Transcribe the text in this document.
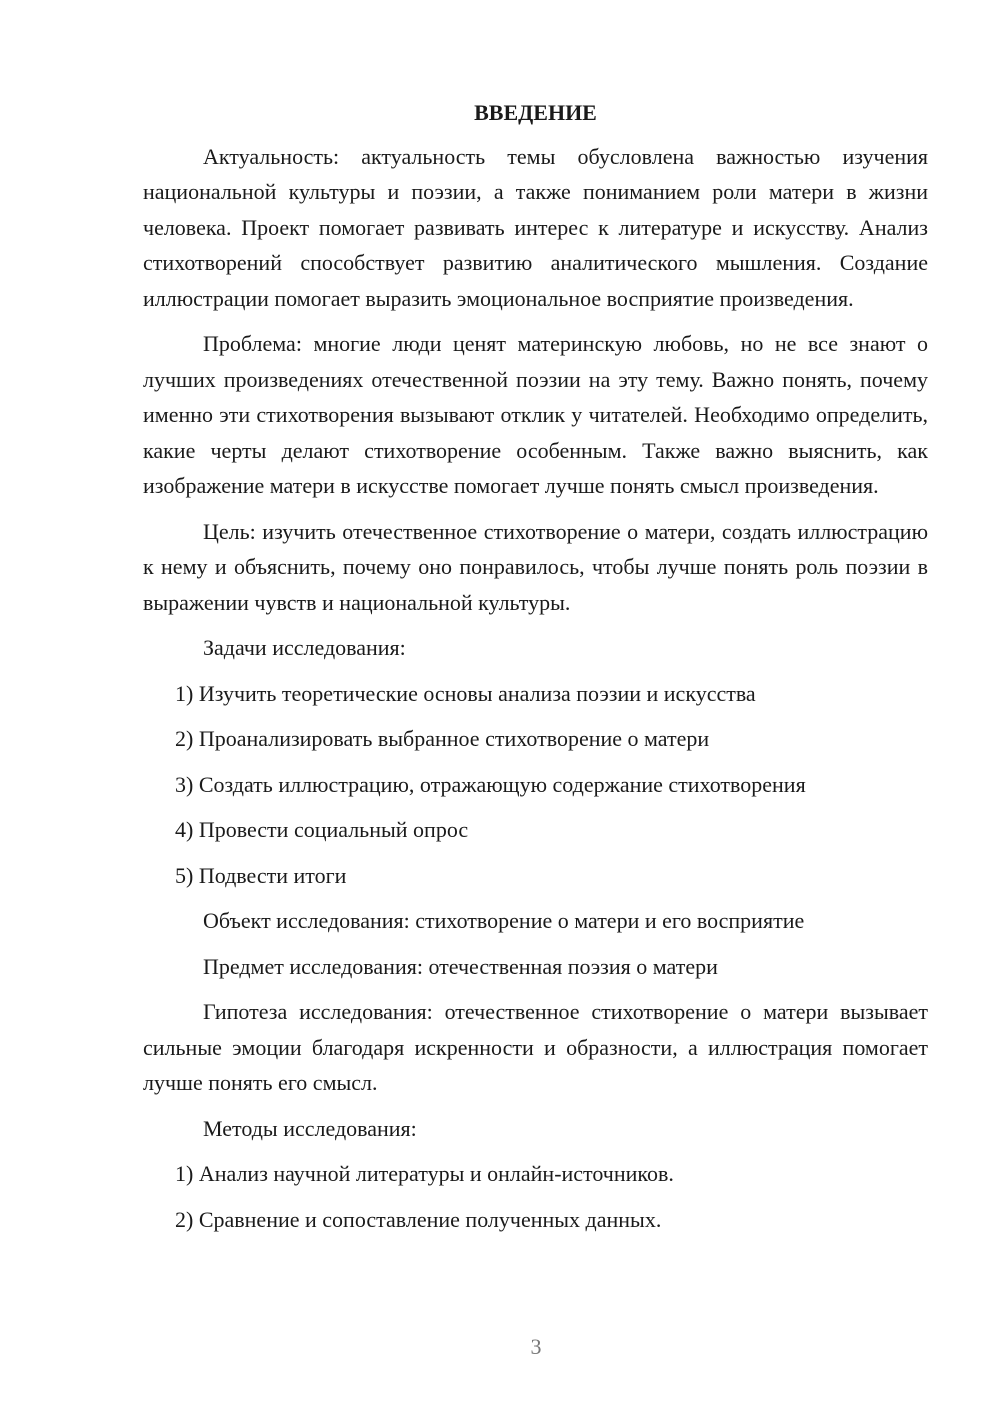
ВВЕДЕНИЕ

Актуальность: актуальность темы обусловлена важностью изучения национальной культуры и поэзии, а также пониманием роли матери в жизни человека. Проект помогает развивать интерес к литературе и искусству. Анализ стихотворений способствует развитию аналитического мышления. Создание иллюстрации помогает выразить эмоциональное восприятие произведения.

Проблема: многие люди ценят материнскую любовь, но не все знают о лучших произведениях отечественной поэзии на эту тему. Важно понять, почему именно эти стихотворения вызывают отклик у читателей. Необходимо определить, какие черты делают стихотворение особенным. Также важно выяснить, как изображение матери в искусстве помогает лучше понять смысл произведения.

Цель: изучить отечественное стихотворение о матери, создать иллюстрацию к нему и объяснить, почему оно понравилось, чтобы лучше понять роль поэзии в выражении чувств и национальной культуры.

Задачи исследования:

1) Изучить теоретические основы анализа поэзии и искусства

2) Проанализировать выбранное стихотворение о матери

3) Создать иллюстрацию, отражающую содержание стихотворения

4) Провести социальный опрос

5) Подвести итоги

Объект исследования: стихотворение о матери и его восприятие

Предмет исследования: отечественная поэзия о матери

Гипотеза исследования: отечественное стихотворение о матери вызывает сильные эмоции благодаря искренности и образности, а иллюстрация помогает лучше понять его смысл.

Методы исследования:

1) Анализ научной литературы и онлайн-источников.

2) Сравнение и сопоставление полученных данных.

3
